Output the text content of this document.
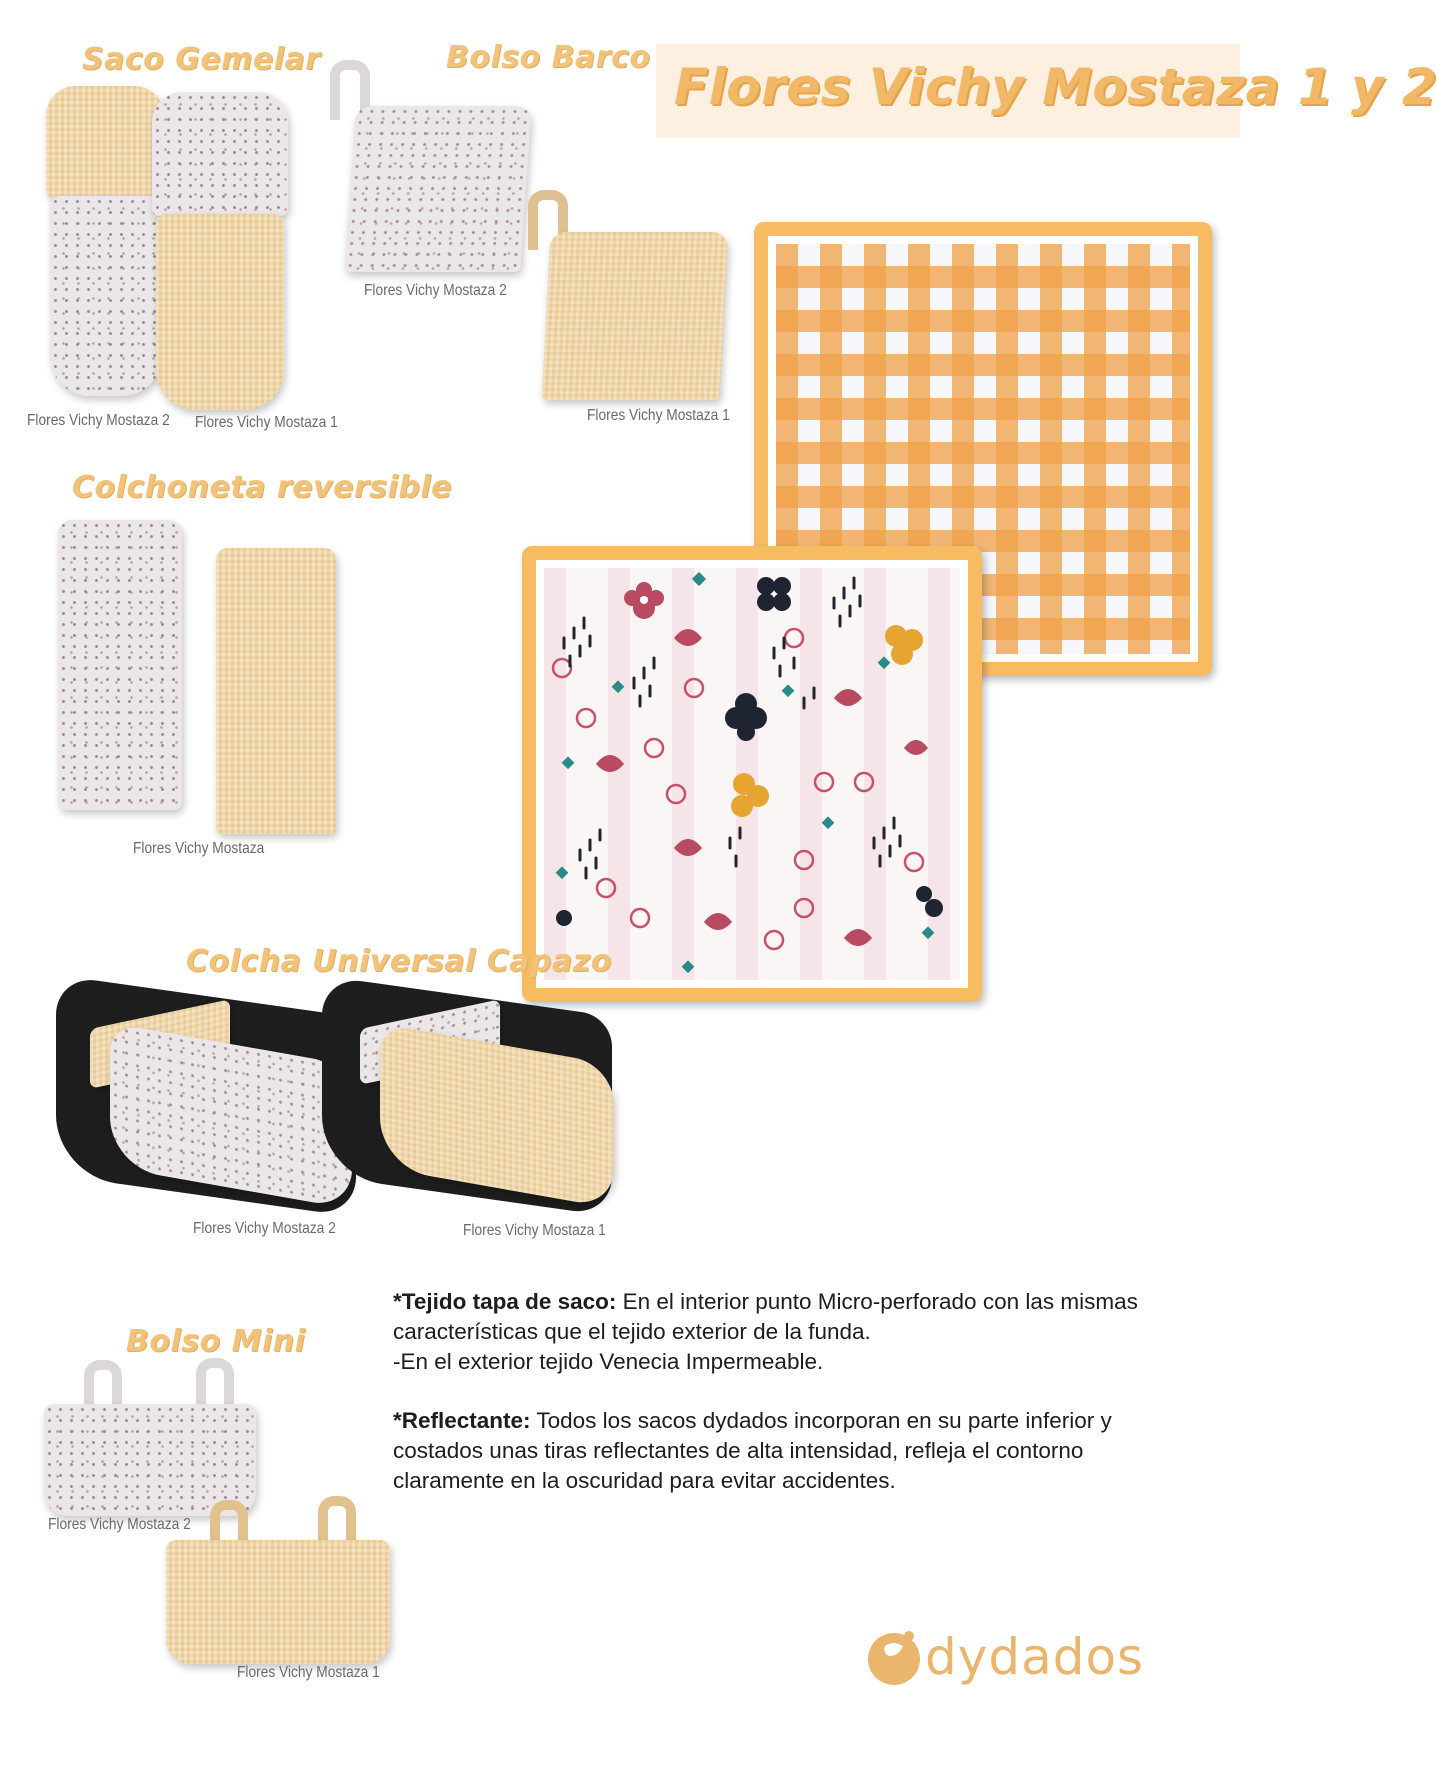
Flores Vichy Mostaza 1 y 2
Saco Gemelar
Flores Vichy Mostaza 2 Flores Vichy Mostaza 1
Bolso Barco
Flores Vichy Mostaza 2
Flores Vichy Mostaza 1
Colchoneta reversible
Flores Vichy Mostaza
Colcha Universal Capazo
Flores Vichy Mostaza 2	Flores Vichy Mostaza 1
*Tejido tapa de saco: En el interior punto Micro-perforado con las mismas características que el tejido exterior de la funda.
-En el exterior tejido Venecia Impermeable.
*Reflectante: Todos los sacos dydados incorporan en su parte inferior y costados unas tiras reflectantes de alta intensidad, refleja el contorno claramente en la oscuridad para evitar accidentes.
Bolso Mini
Flores Vichy Mostaza 2
Flores Vichy Mostaza 1	dydados
